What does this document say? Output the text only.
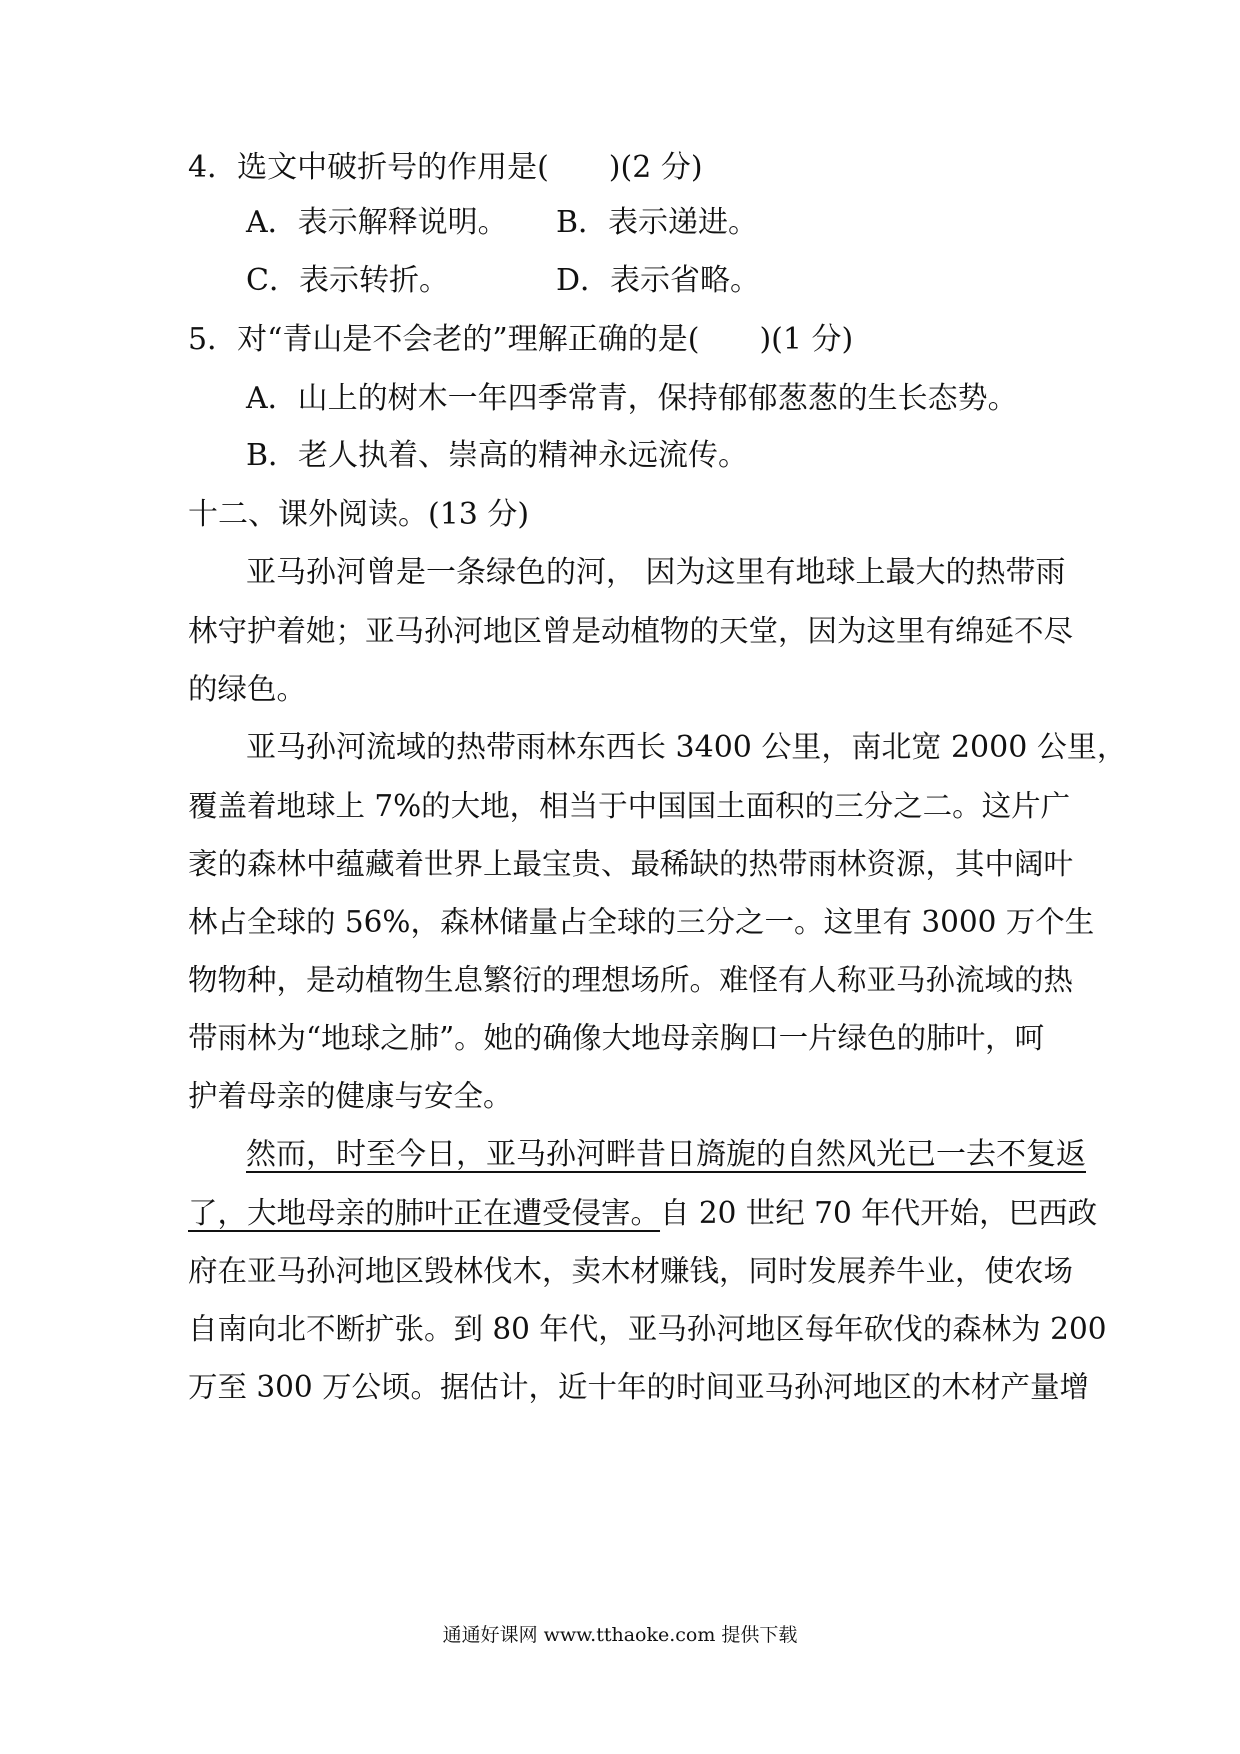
4．选文中破折号的作用是(　　)(2 分)
A．表示解释说明。 B．表示递进。
C．表示转折。	D．表示省略。
5．对“青山是不会老的”理解正确的是(　　)(1 分)
A．山上的树木一年四季常青，保持郁郁葱葱的生长态势。
B．老人执着、崇高的精神永远流传。
十二、课外阅读。(13 分)
亚马孙河曾是一条绿色的河， 因为这里有地球上最大的热带雨
林守护着她；亚马孙河地区曾是动植物的天堂，因为这里有绵延不尽
的绿色。
亚马孙河流域的热带雨林东西长 3400 公里，南北宽 2000 公里，
覆盖着地球上 7%的大地，相当于中国国土面积的三分之二。这片广
袤的森林中蕴藏着世界上最宝贵、最稀缺的热带雨林资源，其中阔叶
林占全球的 56%，森林储量占全球的三分之一。这里有 3000 万个生
物物种，是动植物生息繁衍的理想场所。难怪有人称亚马孙流域的热
带雨林为“地球之肺”。她的确像大地母亲胸口一片绿色的肺叶，呵
护着母亲的健康与安全。
然而，时至今日，亚马孙河畔昔日旖旎的自然风光已一去不复返
了，大地母亲的肺叶正在遭受侵害。自 20 世纪 70 年代开始，巴西政
府在亚马孙河地区毁林伐木，卖木材赚钱，同时发展养牛业，使农场
自南向北不断扩张。到 80 年代，亚马孙河地区每年砍伐的森林为 200
万至 300 万公顷。据估计，近十年的时间亚马孙河地区的木材产量增
通通好课网 www.tthaoke.com 提供下载
